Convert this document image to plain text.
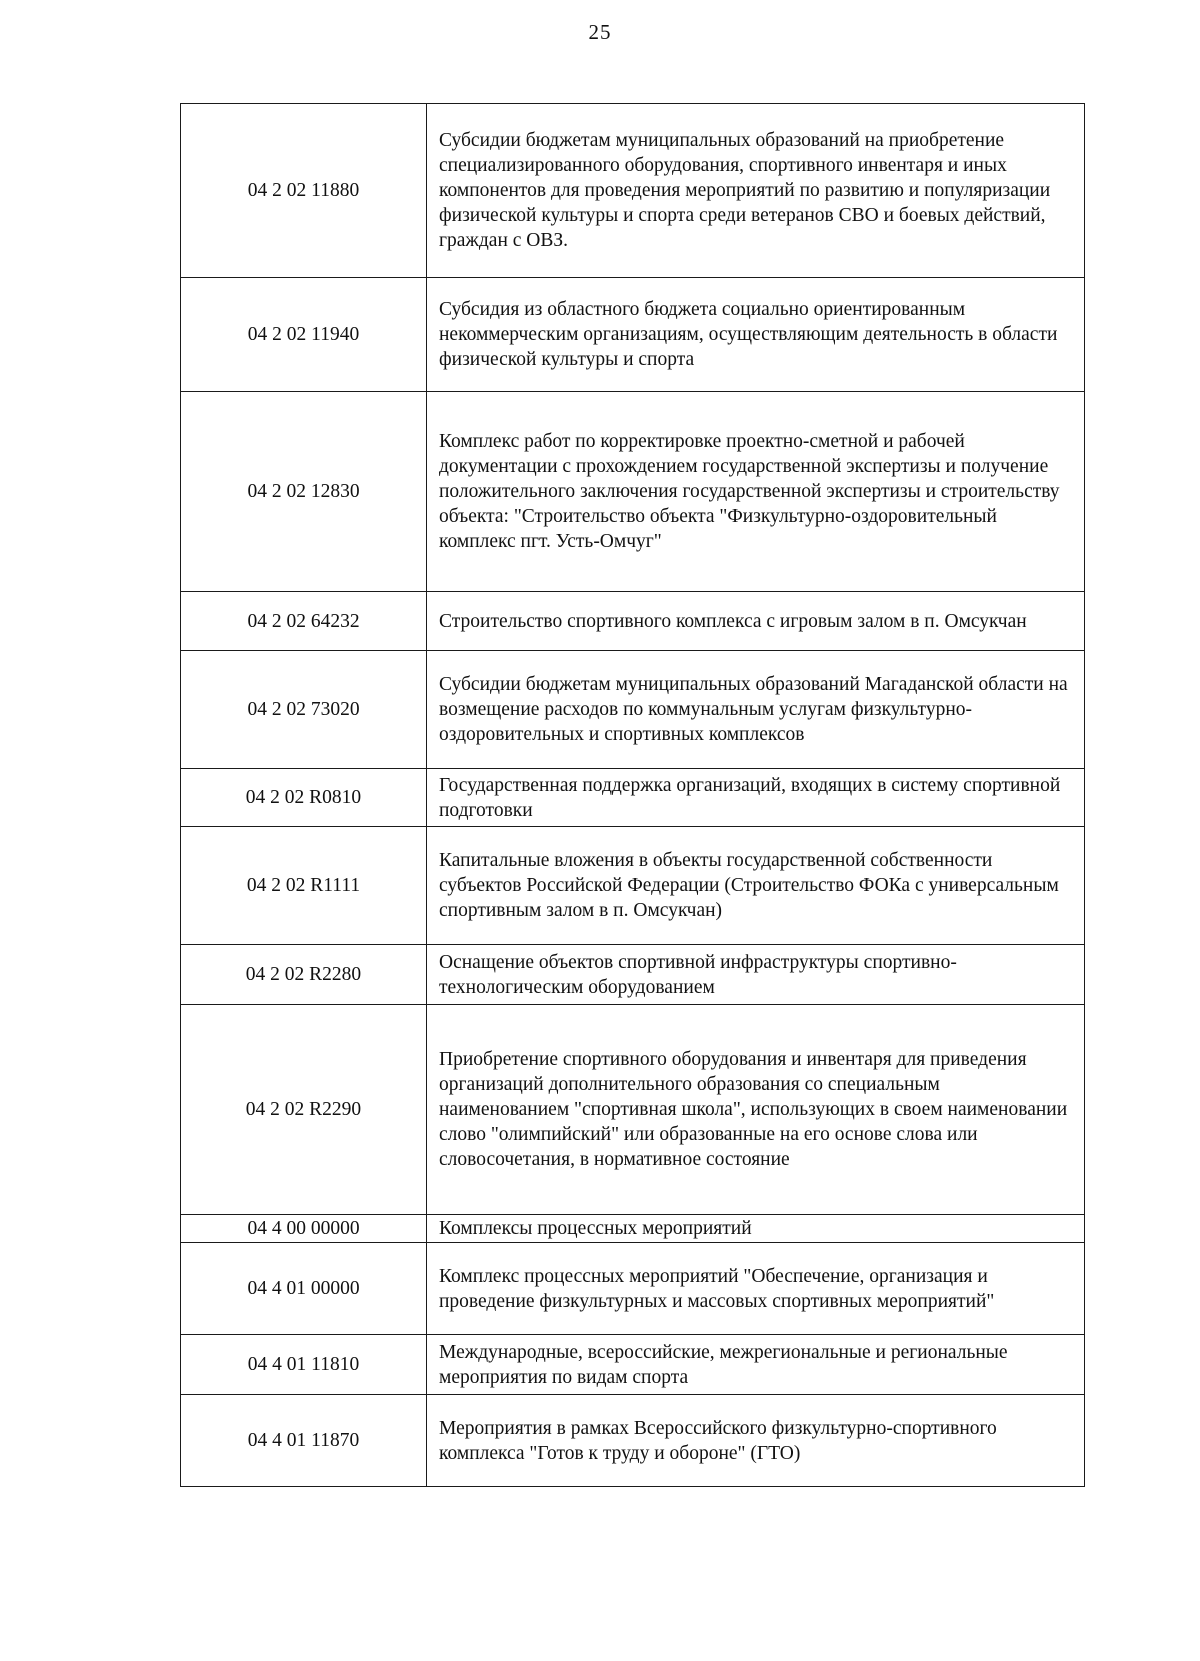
25
04 2 02 11880	Субсидии бюджетам муниципальных образований на приобретение специализированного оборудования, спортивного инвентаря и иных компонентов для проведения мероприятий по развитию и популяризации физической культуры и спорта среди ветеранов СВО и боевых действий, граждан с ОВЗ.
04 2 02 11940	Субсидия из областного бюджета социально ориентированным некоммерческим организациям, осуществляющим деятельность в области физической культуры и спорта
04 2 02 12830	Комплекс работ по корректировке проектно-сметной и рабочей документации с прохождением государственной экспертизы и получение положительного заключения государственной экспертизы и строительству объекта: "Строительство объекта "Физкультурно-оздоровительный комплекс пгт. Усть-Омчуг"
04 2 02 64232	Строительство спортивного комплекса с игровым залом в п. Омсукчан
04 2 02 73020	Субсидии бюджетам муниципальных образований Магаданской области на возмещение расходов по коммунальным услугам физкультурно-оздоровительных и спортивных комплексов
04 2 02 R0810	Государственная поддержка организаций, входящих в систему спортивной подготовки
04 2 02 R1111	Капитальные вложения в объекты государственной собственности субъектов Российской Федерации (Строительство ФОКа с универсальным спортивным залом в п. Омсукчан)
04 2 02 R2280	Оснащение объектов спортивной инфраструктуры спортивно-технологическим оборудованием
04 2 02 R2290	Приобретение спортивного оборудования и инвентаря для приведения организаций дополнительного образования со специальным наименованием "спортивная школа", использующих в своем наименовании слово "олимпийский" или образованные на его основе слова или словосочетания, в нормативное состояние
04 4 00 00000	Комплексы процессных мероприятий
04 4 01 00000	Комплекс процессных мероприятий "Обеспечение, организация и проведение физкультурных и массовых спортивных мероприятий"
04 4 01 11810	Международные, всероссийские, межрегиональные и региональные мероприятия по видам спорта
04 4 01 11870	Мероприятия в рамках Всероссийского физкультурно-спортивного комплекса "Готов к труду и обороне" (ГТО)
